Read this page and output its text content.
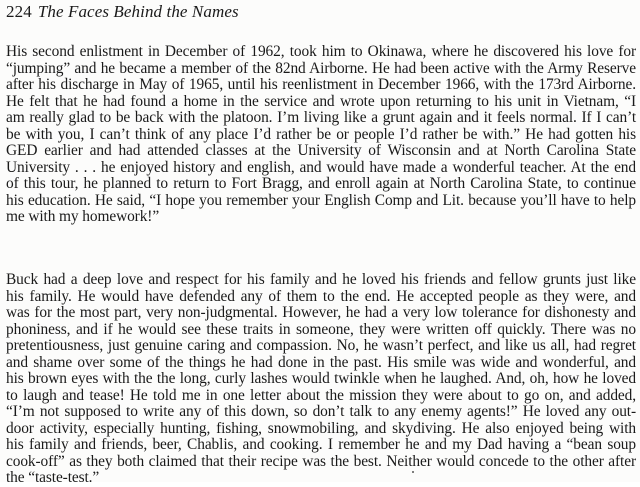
224 The Faces Behind the Names
His second enlistment in December of 1962, took him to Okinawa, where he discovered his love for
“jumping” and he became a member of the 82nd Airborne. He had been active with the Army Reserve
after his discharge in May of 1965, until his reenlistment in December 1966, with the 173rd Airborne.
He felt that he had found a home in the service and wrote upon returning to his unit in Vietnam, “I
am really glad to be back with the platoon. I’m living like a grunt again and it feels normal. If I can’t
be with you, I can’t think of any place I’d rather be or people I’d rather be with.” He had gotten his
GED earlier and had attended classes at the University of Wisconsin and at North Carolina State
University . . . he enjoyed history and english, and would have made a wonderful teacher. At the end
of this tour, he planned to return to Fort Bragg, and enroll again at North Carolina State, to continue
his education. He said, “I hope you remember your English Comp and Lit. because you’ll have to help
me with my homework!”
Buck had a deep love and respect for his family and he loved his friends and fellow grunts just like
his family. He would have defended any of them to the end. He accepted people as they were, and
was for the most part, very non-judgmental. However, he had a very low tolerance for dishonesty and
phoniness, and if he would see these traits in someone, they were written off quickly. There was no
pretentiousness, just genuine caring and compassion. No, he wasn’t perfect, and like us all, had regret
and shame over some of the things he had done in the past. His smile was wide and wonderful, and
his brown eyes with the the long, curly lashes would twinkle when he laughed. And, oh, how he loved
to laugh and tease! He told me in one letter about the mission they were about to go on, and added,
“I’m not supposed to write any of this down, so don’t talk to any enemy agents!” He loved any out-
door activity, especially hunting, fishing, snowmobiling, and skydiving. He also enjoyed being with
his family and friends, beer, Chablis, and cooking. I remember he and my Dad having a “bean soup
cook-off” as they both claimed that their recipe was the best. Neither would concede to the other after
the “taste-test.”
